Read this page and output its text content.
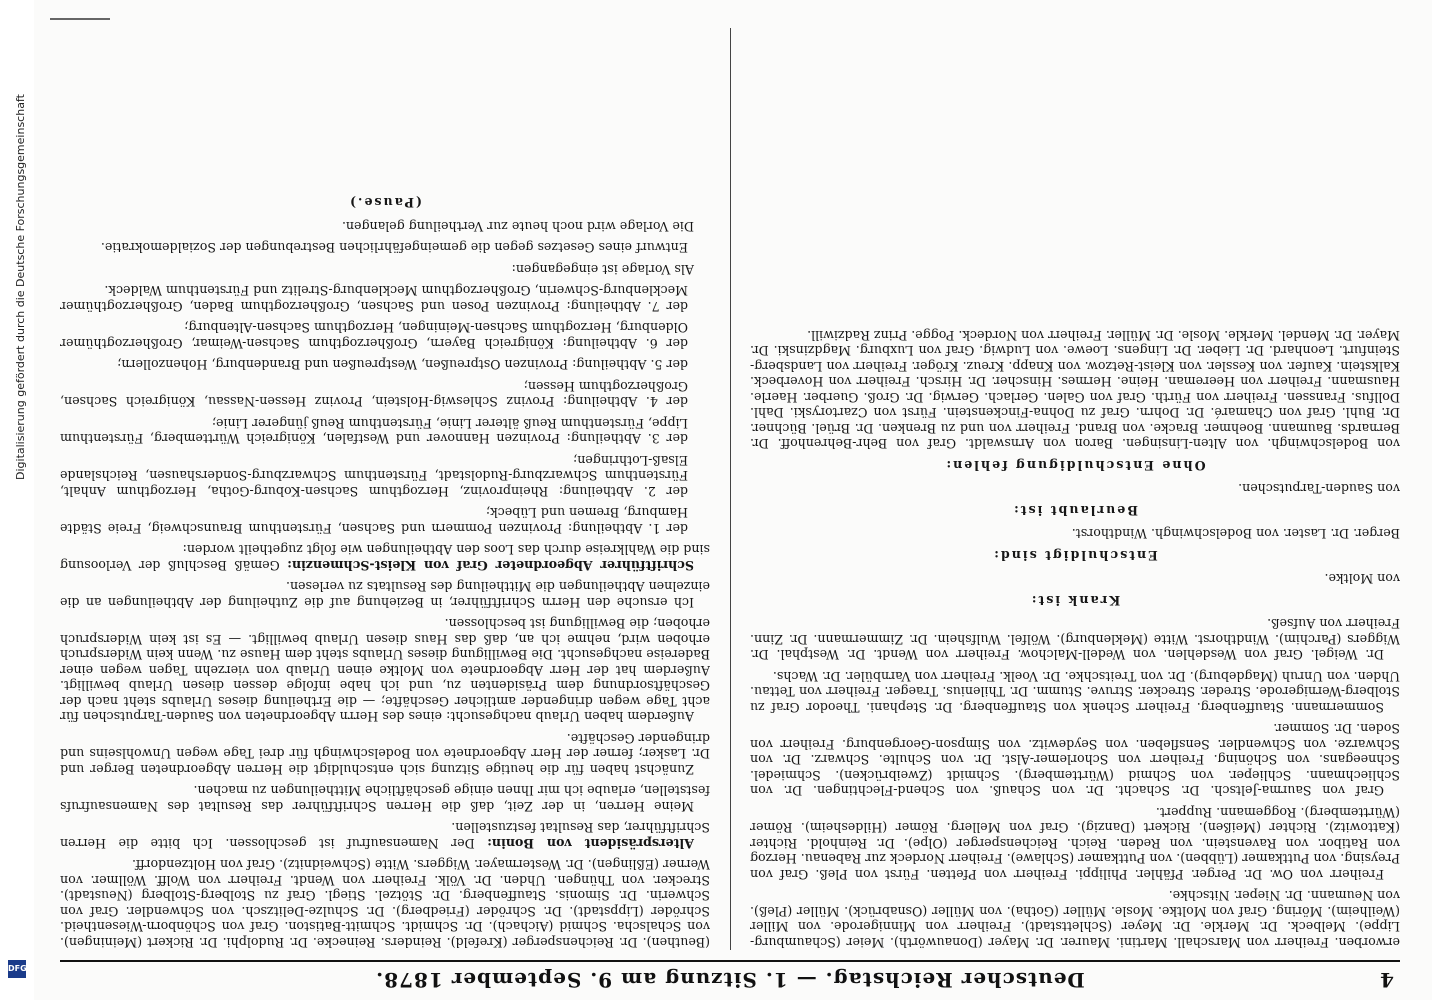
Digitalisierung gefördert durch die Deutsche Forschungsgemeinschaft
DFG	4
Deutscher Reichstag. — 1. Sitzung am 9. September 1878.

erworben. Freiherr von Marschall. Martini. Maurer. Dr. Mayer (Donauwörth). Meier (Schaumburg-Lippe). Melbeck. Dr. Merkle. Dr. Meyer (Schlettstadt). Freiherr von Minnigerode. von Miller (Weilheim). Möring. Graf von Moltke. Mosle. Müller (Gotha). von Müller (Osnabrück). Müller (Pleß). von Neumann. Dr. Nieper. Nitschke.

Freiherr von Ow. Dr. Perger. Pfähler. Philippi. Freiherr von Pfetten. Fürst von Pleß. Graf von Preysing. von Puttkamer (Lübben). von Puttkamer (Schlawe). Freiherr Nordeck zur Rabenau. Herzog von Ratibor. von Ravenstein. von Reden. Reich. Reichensperger (Olpe). Dr. Reinhold. Richter (Kattowitz). Richter (Meißen). Rickert (Danzig). Graf von Mellerg. Römer (Hildesheim). Römer (Württemberg). Roggemann. Ruppert.

Graf von Saurma-Jeltsch. Dr. Schacht. Dr. von Schauß. von Schend-Flechtingen. Dr. von Schliechmann. Schlieper. von Schmid (Württemberg). Schmidt (Zweibrücken). Schmiedel. Schneegans. von Schöning. Freiherr von Schorlemer-Alst. Dr. von Schulte. Schwarz. Dr. von Schwarze. von Schwendler. Sensfleben. von Seydewitz. von Simpson-Georgenburg. Freiherr von Soden. Dr. Sommer.

Sommermann. Stauffenberg. Freiherr Schenk von Stauffenberg. Dr. Stephani. Theodor Graf zu Stolberg-Wernigerode. Streder. Strecker. Struve. Stumm. Dr. Thilenius. Traeger. Freiherr von Tettau. Uhden. von Unruh (Magdeburg). Dr. von Treitschke. Dr. Voelk. Freiherr von Varnbüler. Dr. Wachs.

Dr. Weigel. Graf von Wesdehlen. von Wedell-Malchow. Freiherr von Wendt. Dr. Westphal. Dr. Wiggers (Parchim). Windthorst. Witte (Meklenburg). Wölfel. Wulfshein. Dr. Zimmermann. Dr. Zinn. Freiherr von Aufseß.

Krank ist:

von Moltke.

Entschuldigt sind:

Berger. Dr. Laster. von Bodelschwingh. Windthorst.

Beurlaubt ist:

von Sauden-Tarputschen.

Ohne Entschuldigung fehlen:

von Bodelschwingh. von Alten-Linsingen. Baron von Arnswaldt. Graf von Behr-Behrenhoff. Dr. Bernards. Baumann. Boehmer. Bracke. von Brand. Freiherr von und zu Brenken. Dr. Brüel. Büchner. Dr. Buhl. Graf von Chamaré. Dr. Dohrn. Graf zu Dohna-Finckenstein. Fürst von Czartoryski. Dahl. Dollfus. Franssen. Freiherr von Fürth. Graf von Galen. Gerlach. Gerwig. Dr. Groß. Guerber. Haerle. Hausmann. Freiherr von Heereman. Heine. Hermes. Hinscher. Dr. Hirsch. Freiherr von Hoverbeck. Kalkstein. Kaufer. von Kessler. von Kleist-Retzow. von Knapp. Kreuz. Kröger. Freiherr von Landsberg-Steinfurt. Leonhard. Dr. Lieber. Dr. Lingens. Loewe. von Ludwig. Graf von Luxburg. Magdzinski. Dr. Mayer. Dr. Mendel. Merkle. Mosle. Dr. Müller. Freiherr von Nordeck. Pogge. Prinz Radziwill.

(Beuthen). Dr. Reichensperger (Krefeld). Reinders. Reinecke. Dr. Rudolphi. Dr. Rickert (Meiningen). von Schalscha. Schmid (Aichach). Dr. Schmidt. Schmitt-Batiston. Graf von Schönborn-Wiesentheid. Schröder (Lippstadt). Dr. Schröder (Friedberg). Dr. Schulze-Delitzsch. von Schwendler. Graf von Schwerin. Dr. Simonis. Stauffenberg. Dr. Stötzel. Stiegl. Graf zu Stolberg-Stolberg (Neustadt). Strecker. von Thüngen. Uhden. Dr. Völk. Freiherr von Wendt. Freiherr von Wolff. Wöllmer. von Werner (Eßlingen). Dr. Westermayer. Wiggers. Witte (Schweidnitz). Graf von Holtzendorff.

Alterspräsident von Bonin: Der Namensaufruf ist geschlossen. Ich bitte die Herren Schriftführer, das Resultat festzustellen.

Meine Herren, in der Zeit, daß die Herren Schriftführer das Resultat des Namensaufrufs feststellen, erlaube ich mir Ihnen einige geschäftliche Mittheilungen zu machen.

Zunächst haben für die heutige Sitzung sich entschuldigt die Herren Abgeordneten Berger und Dr. Lasker; ferner der Herr Abgeordnete von Bodelschwingh für drei Tage wegen Unwohlseins und dringender Geschäfte.

Außerdem haben Urlaub nachgesucht: eines des Herrn Abgeordneten von Sauden-Tarputschen für acht Tage wegen dringender amtlicher Geschäfte; — die Ertheilung dieses Urlaubs steht nach der Geschäftsordnung dem Präsidenten zu, und ich habe infolge dessen diesen Urlaub bewilligt. Außerdem hat der Herr Abgeordnete von Moltke einen Urlaub von vierzehn Tagen wegen einer Badereise nachgesucht. Die Bewilligung dieses Urlaubs steht dem Hause zu. Wenn kein Widerspruch erhoben wird, nehme ich an, daß das Haus diesen Urlaub bewilligt. — Es ist kein Widerspruch erhoben; die Bewilligung ist beschlossen.

Ich ersuche den Herrn Schriftführer, in Beziehung auf die Zutheilung der Abtheilungen an die einzelnen Abtheilungen die Mittheilung des Resultats zu verlesen.

Schriftführer Abgeordneter Graf von Kleist-Schmenzin: Gemäß Beschluß der Verloosung sind die Wahlkreise durch das Loos den Abtheilungen wie folgt zugetheilt worden:

der 1. Abtheilung: Provinzen Pommern und Sachsen, Fürstenthum Braunschweig, Freie Städte Hamburg, Bremen und Lübeck;

der 2. Abtheilung: Rheinprovinz, Herzogthum Sachsen-Koburg-Gotha, Herzogthum Anhalt, Fürstenthum Schwarzburg-Rudolstadt, Fürstenthum Schwarzburg-Sondershausen, Reichslande Elsaß-Lothringen;

der 3. Abtheilung: Provinzen Hannover und Westfalen, Königreich Württemberg, Fürstenthum Lippe, Fürstenthum Reuß älterer Linie, Fürstenthum Reuß jüngerer Linie;

der 4. Abtheilung: Provinz Schleswig-Holstein, Provinz Hessen-Nassau, Königreich Sachsen, Großherzogthum Hessen;

der 5. Abtheilung: Provinzen Ostpreußen, Westpreußen und Brandenburg, Hohenzollern;

der 6. Abtheilung: Königreich Bayern, Großherzogthum Sachsen-Weimar, Großherzogthümer Oldenburg, Herzogthum Sachsen-Meiningen, Herzogthum Sachsen-Altenburg;

der 7. Abtheilung: Provinzen Posen und Sachsen, Großherzogthum Baden, Großherzogthümer Mecklenburg-Schwerin, Großherzogthum Mecklenburg-Strelitz und Fürstenthum Waldeck.

Als Vorlage ist eingegangen:

Entwurf eines Gesetzes gegen die gemeingefährlichen Bestrebungen der Sozialdemokratie.

Die Vorlage wird noch heute zur Vertheilung gelangen.

(Pause.)
